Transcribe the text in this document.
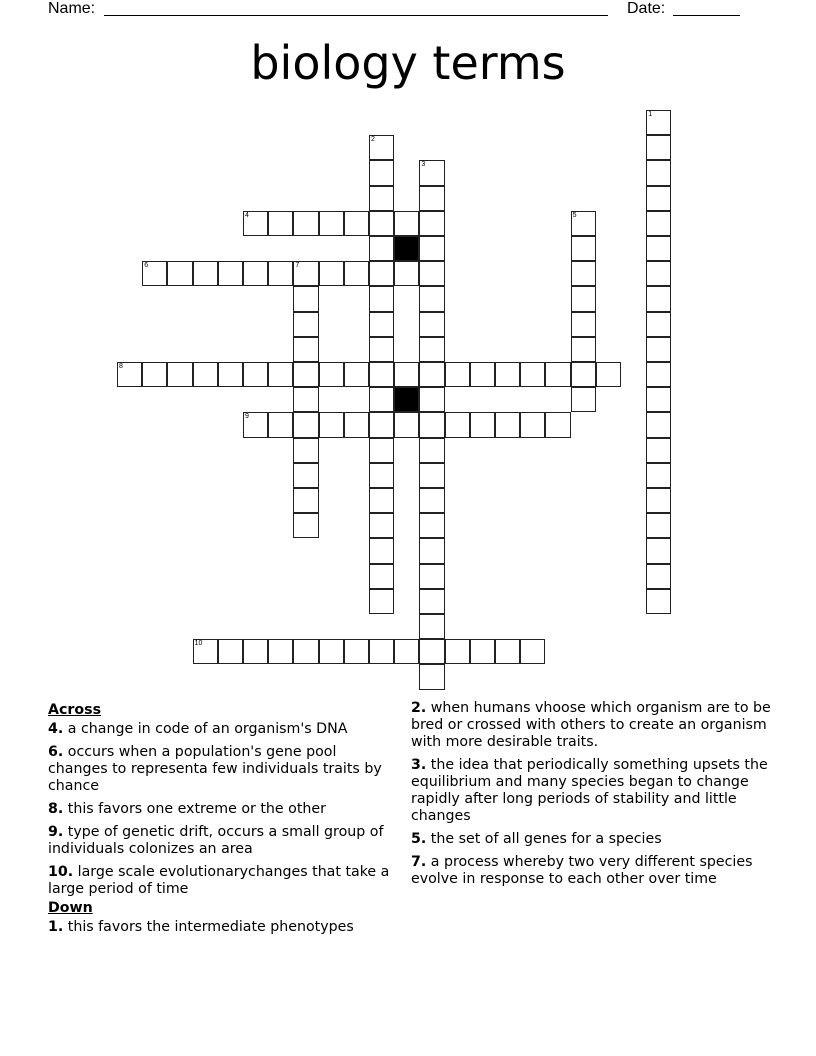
Name:	Date:
biology terms
1
2
3
4	5
6	7
8
9
10
Across
4. a change in code of an organism's DNA
6. occurs when a population's gene pool changes to representa few individuals traits by chance
8. this favors one extreme or the other
9. type of genetic drift, occurs a small group of individuals colonizes an area
10. large scale evolutionarychanges that take a large period of time
Down
1. this favors the intermediate phenotypes
2. when humans vhoose which organism are to be bred or crossed with others to create an organism with more desirable traits.
3. the idea that periodically something upsets the equilibrium and many species began to change rapidly after long periods of stability and little changes
5. the set of all genes for a species
7. a process whereby two very different species evolve in response to each other over time
